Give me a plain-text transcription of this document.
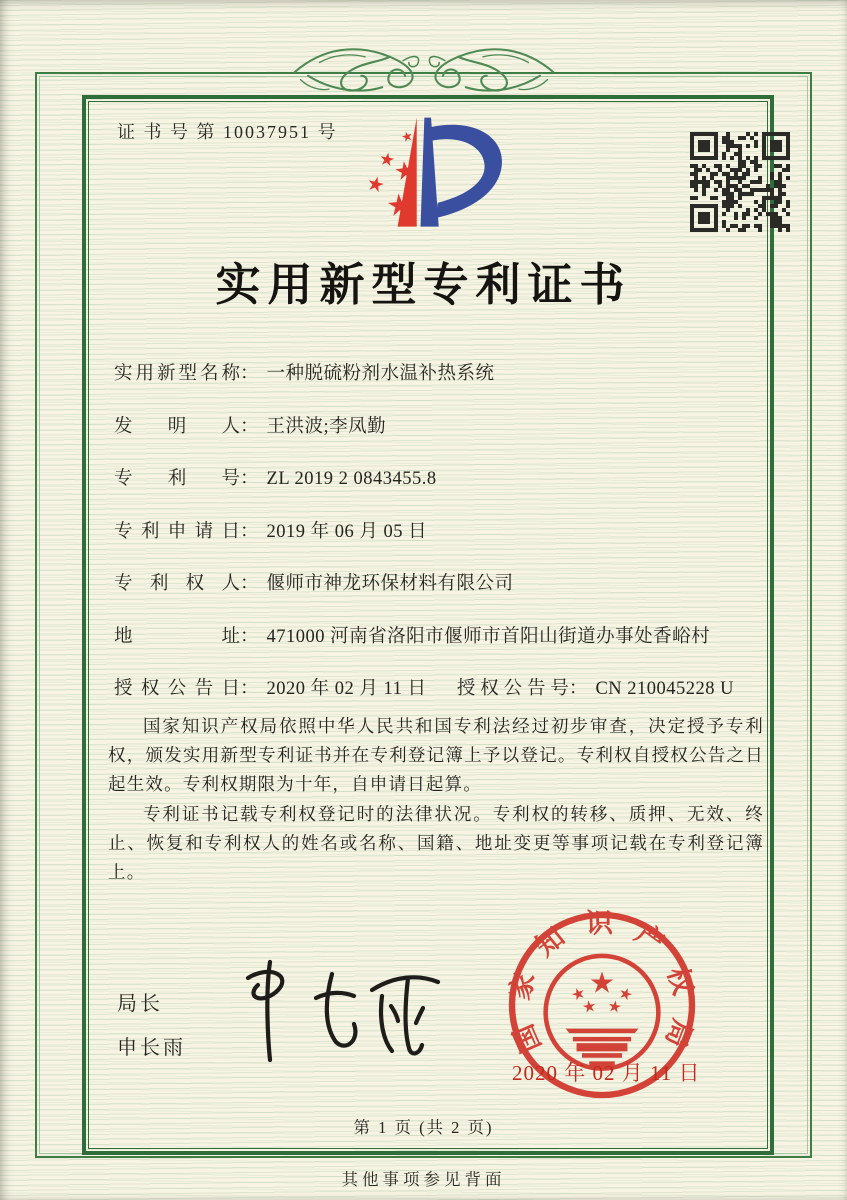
证 书 号 第 10037951 号
实用新型专利证书
实用新型名称 ： 一种脱硫粉剂水温补热系统
发明人 ： 王洪波;李凤勤
专利号 ： ZL 2019 2 0843455.8
专利申请日 ： 2019 年 06 月 05 日
专利权人 ： 偃师市神龙环保材料有限公司
地址 ： 471000 河南省洛阳市偃师市首阳山街道办事处香峪村
授权公告日 ： 2020 年 02 月 11 日 授权公告号 ： CN 210045228 U

国家知识产权局依照中华人民共和国专利法经过初步审查，决定授予专利权，颁发实用新型专利证书并在专利登记簿上予以登记。专利权自授权公告之日起生效。专利权期限为十年，自申请日起算。

专利证书记载专利权登记时的法律状况。专利权的转移、质押、无效、终止、恢复和专利权人的姓名或名称、国籍、地址变更等事项记载在专利登记簿上。

局长
申长雨	国家知识产权局
2020 年 02 月 11 日
第 1 页 (共 2 页)
其他事项参见背面
